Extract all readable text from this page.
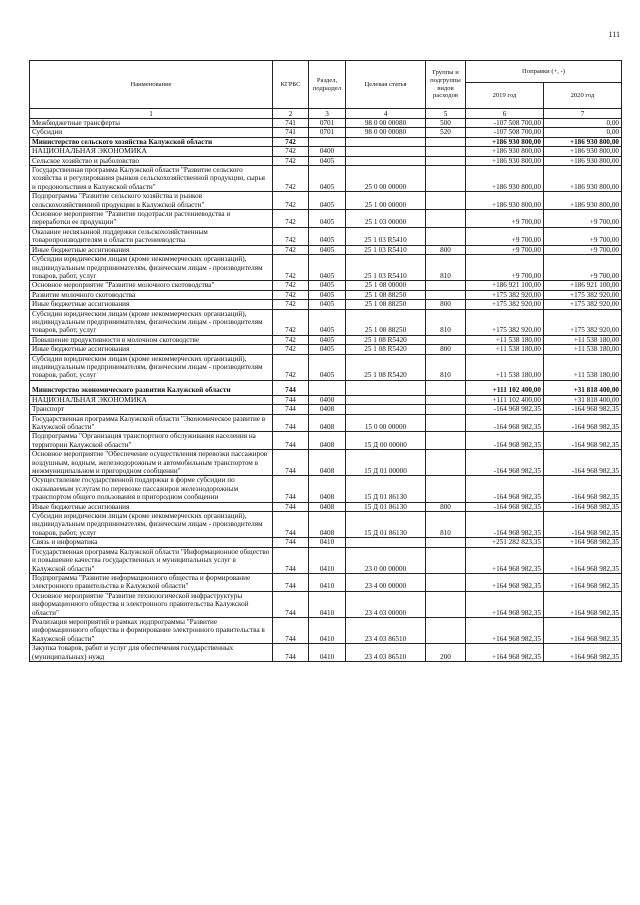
111
Наименование	КГРБС	Раздел, подраздел	Целевая статья	Группы и подгруппы видов расходов	Поправки (+, -)	
					2019 год	2020 год
1	2	3	4	5	6	7
Межбюджетные трансферты	741	0701	98 0 00 00080	500	-107 508 700,00	0,00
Субсидии	741	0701	98 0 00 00080	520	-107 508 700,00	0,00
Министерство сельского хозяйства Калужской области	742				+186 930 800,00	+186 930 800,00
НАЦИОНАЛЬНАЯ ЭКОНОМИКА	742	0400			+186 930 800,00	+186 930 800,00
Сельское хозяйство и рыболовство	742	0405			+186 930 800,00	+186 930 800,00
Государственная программа Калужской области "Развитие сельского хозяйства и регулирования рынков сельскохозяйственной продукции, сырья и продовольствия в Калужской области"	742	0405	25 0 00 00000		+186 930 800,00	+186 930 800,00
Подпрограмма "Развитие сельского хозяйства и рынков сельскохозяйственной продукции в Калужской области"	742	0405	25 1 00 00000		+186 930 800,00	+186 930 800,00
Основное мероприятие "Развитие подотрасли растениеводства и переработки ее продукции"	742	0405	25 1 03 00000		+9 700,00	+9 700,00
Оказание несвязанной поддержки сельскохозяйственным товаропроизводителям в области растениеводства	742	0405	25 1 03 R5410		+9 700,00	+9 700,00
Иные бюджетные ассигнования	742	0405	25 1 03 R5410	800	+9 700,00	+9 700,00
Субсидии юридическим лицам (кроме некоммерческих организаций), индивидуальным предпринимателям, физическим лицам - производителям товаров, работ, услуг	742	0405	25 1 03 R5410	810	+9 700,00	+9 700,00
Основное мероприятие "Развитие молочного скотоводства"	742	0405	25 1 08 00000		+186 921 100,00	+186 921 100,00
Развитие молочного скотоводства	742	0405	25 1 08 88250		+175 382 920,00	+175 382 920,00
Иные бюджетные ассигнования	742	0405	25 1 08 88250	800	+175 382 920,00	+175 382 920,00
Субсидии юридическим лицам (кроме некоммерческих организаций), индивидуальным предпринимателям, физическим лицам - производителям товаров, работ, услуг	742	0405	25 1 08 88250	810	+175 382 920,00	+175 382 920,00
Повышение продуктивности в молочном скотоводстве	742	0405	25 1 08 R5420		+11 538 180,00	+11 538 180,00
Иные бюджетные ассигнования	742	0405	25 1 08 R5420	800	+11 538 180,00	+11 538 180,00
Субсидии юридическим лицам (кроме некоммерческих организаций), индивидуальным предпринимателям, физическим лицам - производителям товаров, работ, услуг	742	0405	25 1 08 R5420	810	+11 538 180,00	+11 538 180,00
Министерство экономического развития Калужской области	744				+111 102 400,00	+31 818 400,00
НАЦИОНАЛЬНАЯ ЭКОНОМИКА	744	0400			+111 102 400,00	+31 818 400,00
Транспорт	744	0408			-164 968 982,35	-164 968 982,35
Государственная программа Калужской области "Экономическое развитие в Калужской области"	744	0408	15 0 00 00000		-164 968 982,35	-164 968 982,35
Подпрограмма "Организация транспортного обслуживания населения на территории Калужской области"	744	0408	15 Д 00 00000		-164 968 982,35	-164 968 982,35
Основное мероприятие "Обеспечение осуществления перевозки пассажиров воздушным, водным, железнодорожным и автомобильным транспортом в межмуниципальном и пригородном сообщении"	744	0408	15 Д 01 00000		-164 968 982,35	-164 968 982,35
Осуществление государственной поддержки в форме субсидии по оказываемым услугам по перевозке пассажиров железнодорожным транспортом общего пользования в пригородном сообщении	744	0408	15 Д 01 86130		-164 968 982,35	-164 968 982,35
Иные бюджетные ассигнования	744	0408	15 Д 01 86130	800	-164 968 982,35	-164 968 982,35
Субсидии юридическим лицам (кроме некоммерческих организаций), индивидуальным предпринимателям, физическим лицам - производителям товаров, работ, услуг	744	0408	15 Д 01 86130	810	-164 968 982,35	-164 968 982,35
Связь и информатика	744	0410			+251 282 823,35	+164 968 982,35
Государственная программа Калужской области "Информационное общество и повышение качества государственных и муниципальных услуг в Калужской области"	744	0410	23 0 00 00000		+164 968 982,35	+164 968 982,35
Подпрограмма "Развитие информационного общества и формирование электронного правительства в Калужской области"	744	0410	23 4 00 00000		+164 968 982,35	+164 968 982,35
Основное мероприятие "Развитие технологической инфраструктуры информационного общества и электронного правительства Калужской области"	744	0410	23 4 03 00000		+164 968 982,35	+164 968 982,35
Реализация мероприятий в рамках подпрограммы "Развитие информационного общества и формирование электронного правительства в Калужской области"	744	0410	23 4 03 86510		+164 968 982,35	+164 968 982,35
Закупка товаров, работ и услуг для обеспечения государственных (муниципальных) нужд	744	0410	23 4 03 86510	200	+164 968 982,35	+164 968 982,35
